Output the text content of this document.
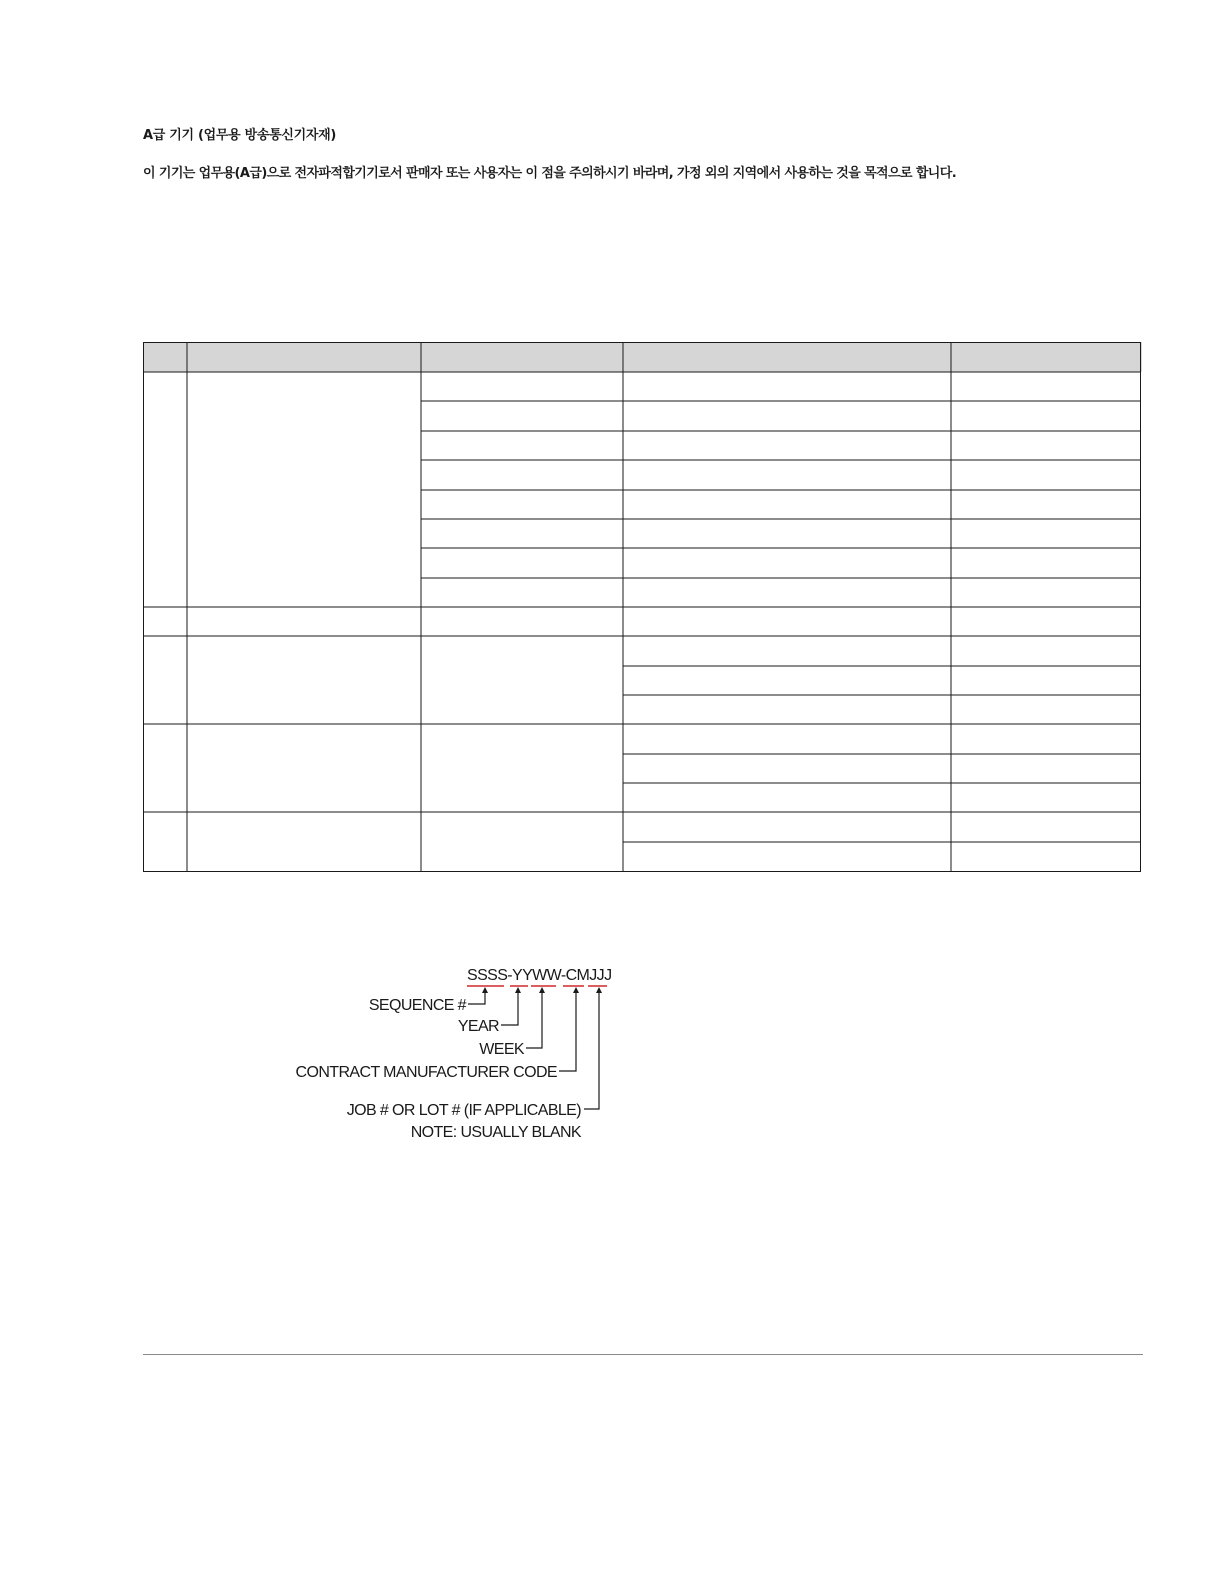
A급 기기 (업무용 방송통신기자재)
이 기기는 업무용(A급)으로 전자파적합기기로서 판매자 또는 사용자는 이 점을 주의하시기 바라며, 가정 외의 지역에서 사용하는 것을 목적으로 합니다.
SSSS-YYWW-CMJJJ
SEQUENCE #
YEAR
WEEK
CONTRACT MANUFACTURER CODE
JOB # OR LOT # (IF APPLICABLE)
NOTE: USUALLY BLANK
